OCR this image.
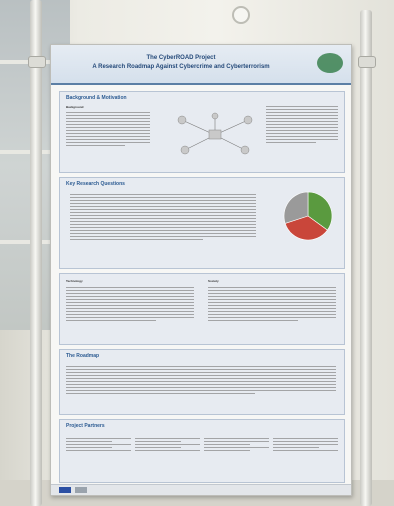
The CyberROAD Project
A Research Roadmap Against Cybercrime and Cyberterrorism
Background & Motivation
Background
Key Research Questions
Technology	Society
The Roadmap
Project Partners
